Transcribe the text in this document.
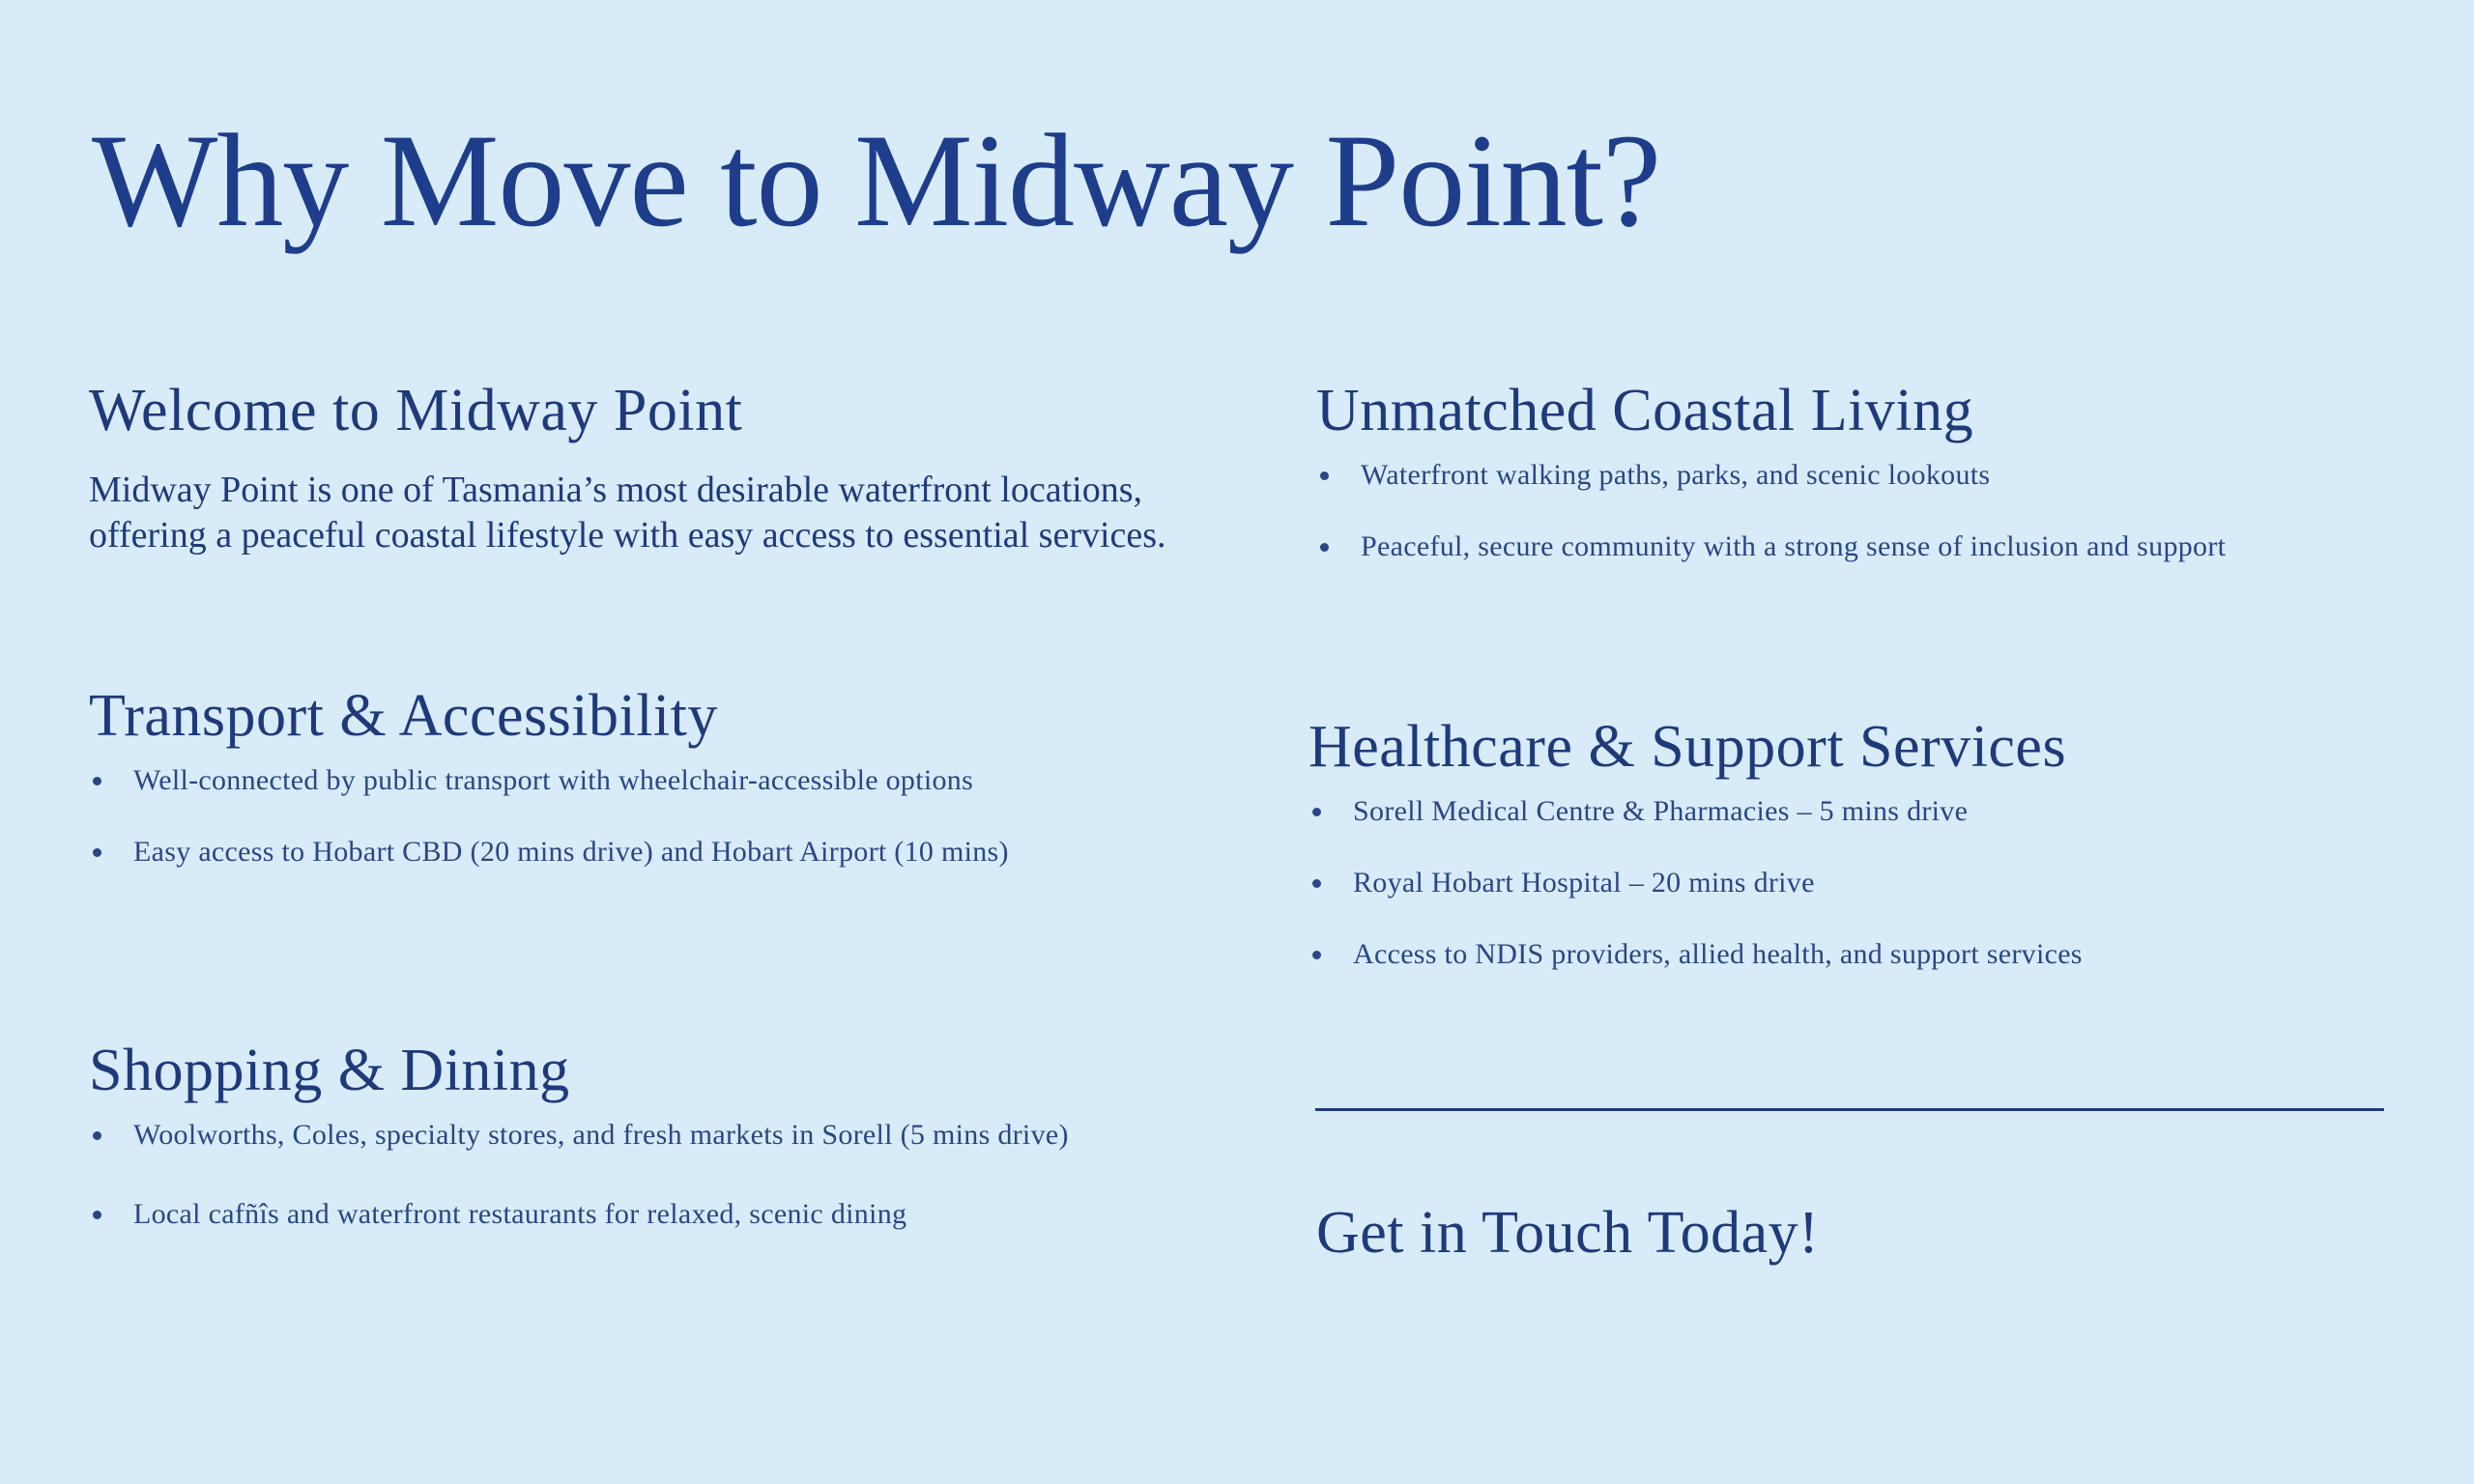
Why Move to Midway Point?
Welcome to Midway Point

Midway Point is one of Tasmania’s most desirable waterfront locations, offering a peaceful coastal lifestyle with easy access to essential services.

Transport & Accessibility
Well-connected by public transport with wheelchair-accessible options
Easy access to Hobart CBD (20 mins drive) and Hobart Airport (10 mins)
Shopping & Dining
Woolworths, Coles, specialty stores, and fresh markets in Sorell (5 mins drive)
Local cafñîs and waterfront restaurants for relaxed, scenic dining
Unmatched Coastal Living
Waterfront walking paths, parks, and scenic lookouts
Peaceful, secure community with a strong sense of inclusion and support
Healthcare & Support Services
Sorell Medical Centre & Pharmacies – 5 mins drive
Royal Hobart Hospital – 20 mins drive
Access to NDIS providers, allied health, and support services
Get in Touch Today!
